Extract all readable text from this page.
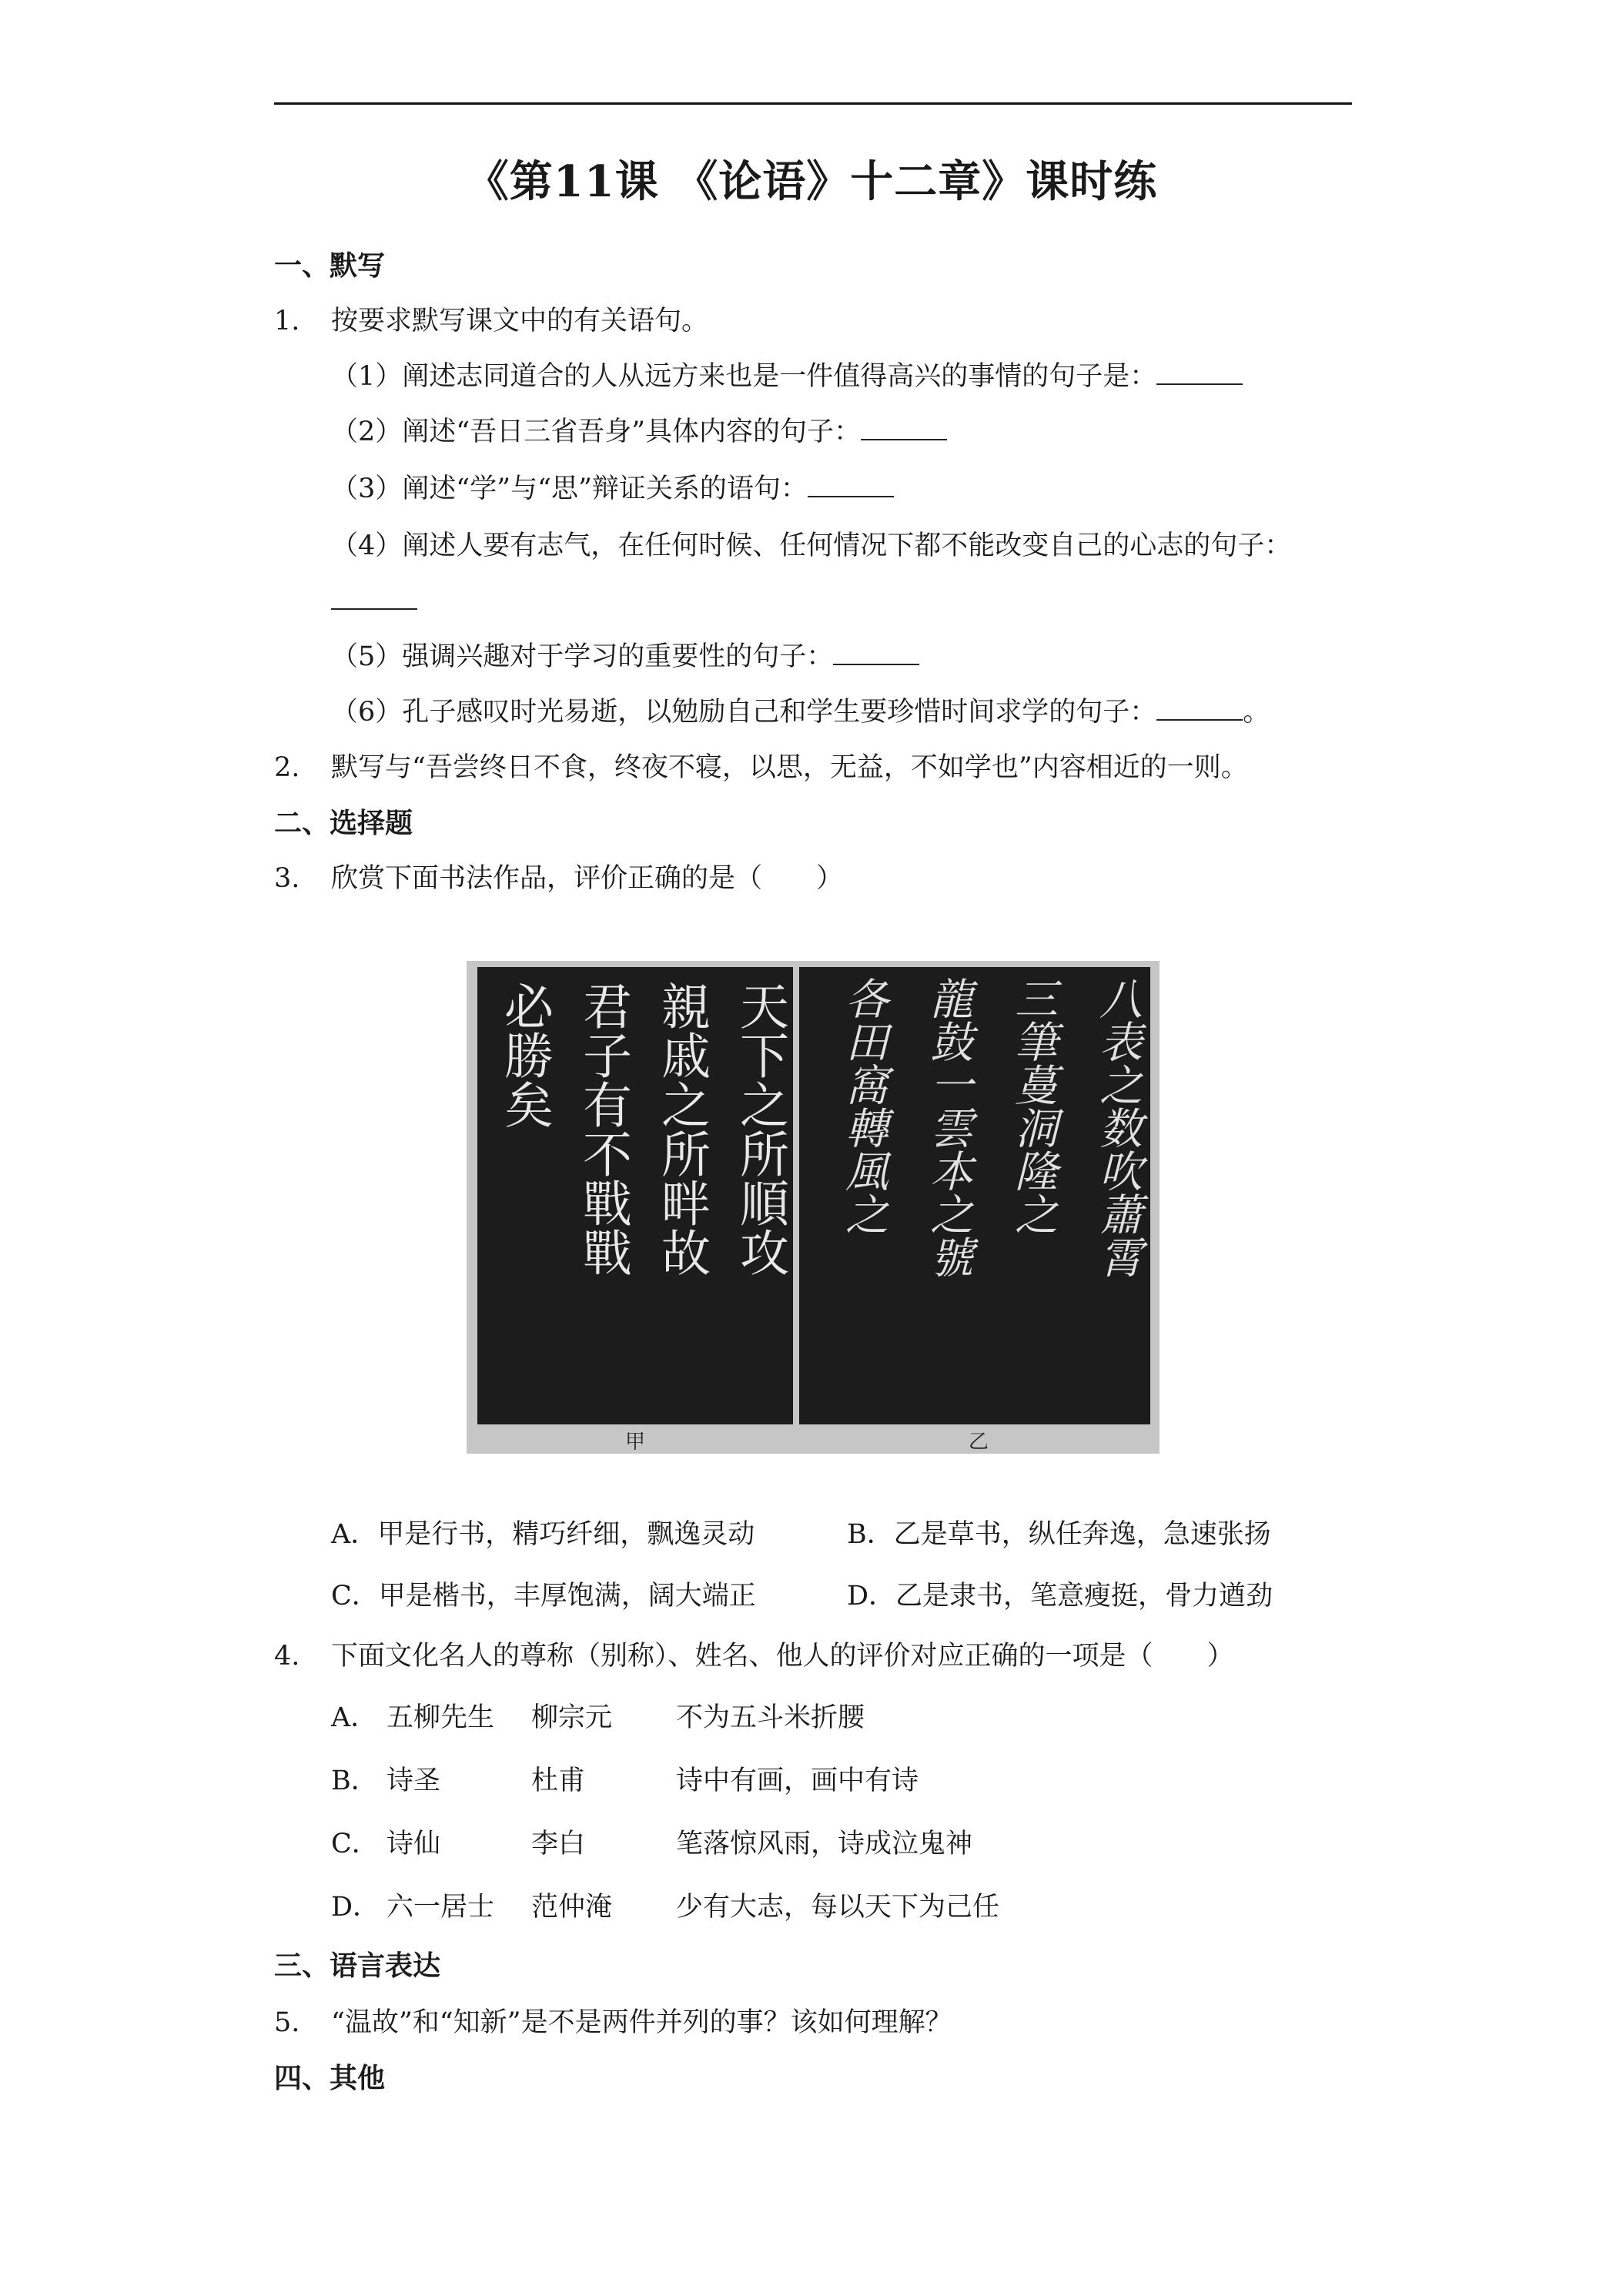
《第11课 《论语》十二章》课时练
一、默写
1. 按要求默写课文中的有关语句。
（1）阐述志同道合的人从远方来也是一件值得高兴的事情的句子是：
（2）阐述“吾日三省吾身”具体内容的句子：
（3）阐述“学”与“思”辩证关系的语句：
（4）阐述人要有志气，在任何时候、任何情况下都不能改变自己的心志的句子：
（5）强调兴趣对于学习的重要性的句子：
（6）孔子感叹时光易逝，以勉励自己和学生要珍惜时间求学的句子：	。
2. 默写与“吾尝终日不食，终夜不寝，以思，无益，不如学也”内容相近的一则。
二、选择题
3. 欣赏下面书法作品，评价正确的是（　　）
天下之所順攻
親戚之所畔故
君子有不戰戰
必勝矣	八表之数吹蕭霄
三筆蔓洞隆之
龍鼓一雲本之號
各田窩轉風之
甲	乙
A．甲是行书，精巧纤细，飘逸灵动	B．乙是草书，纵任奔逸，急速张扬
C．甲是楷书，丰厚饱满，阔大端正	D．乙是隶书，笔意瘦挺，骨力遒劲
4. 下面文化名人的尊称（别称）、姓名、他人的评价对应正确的一项是（　　）
A． 五柳先生 柳宗元 不为五斗米折腰
B． 诗圣	杜甫	诗中有画，画中有诗
C． 诗仙	李白	笔落惊风雨，诗成泣鬼神
D． 六一居士 范仲淹 少有大志，每以天下为己任
三、语言表达
5. “温故”和“知新”是不是两件并列的事？该如何理解？
四、其他
